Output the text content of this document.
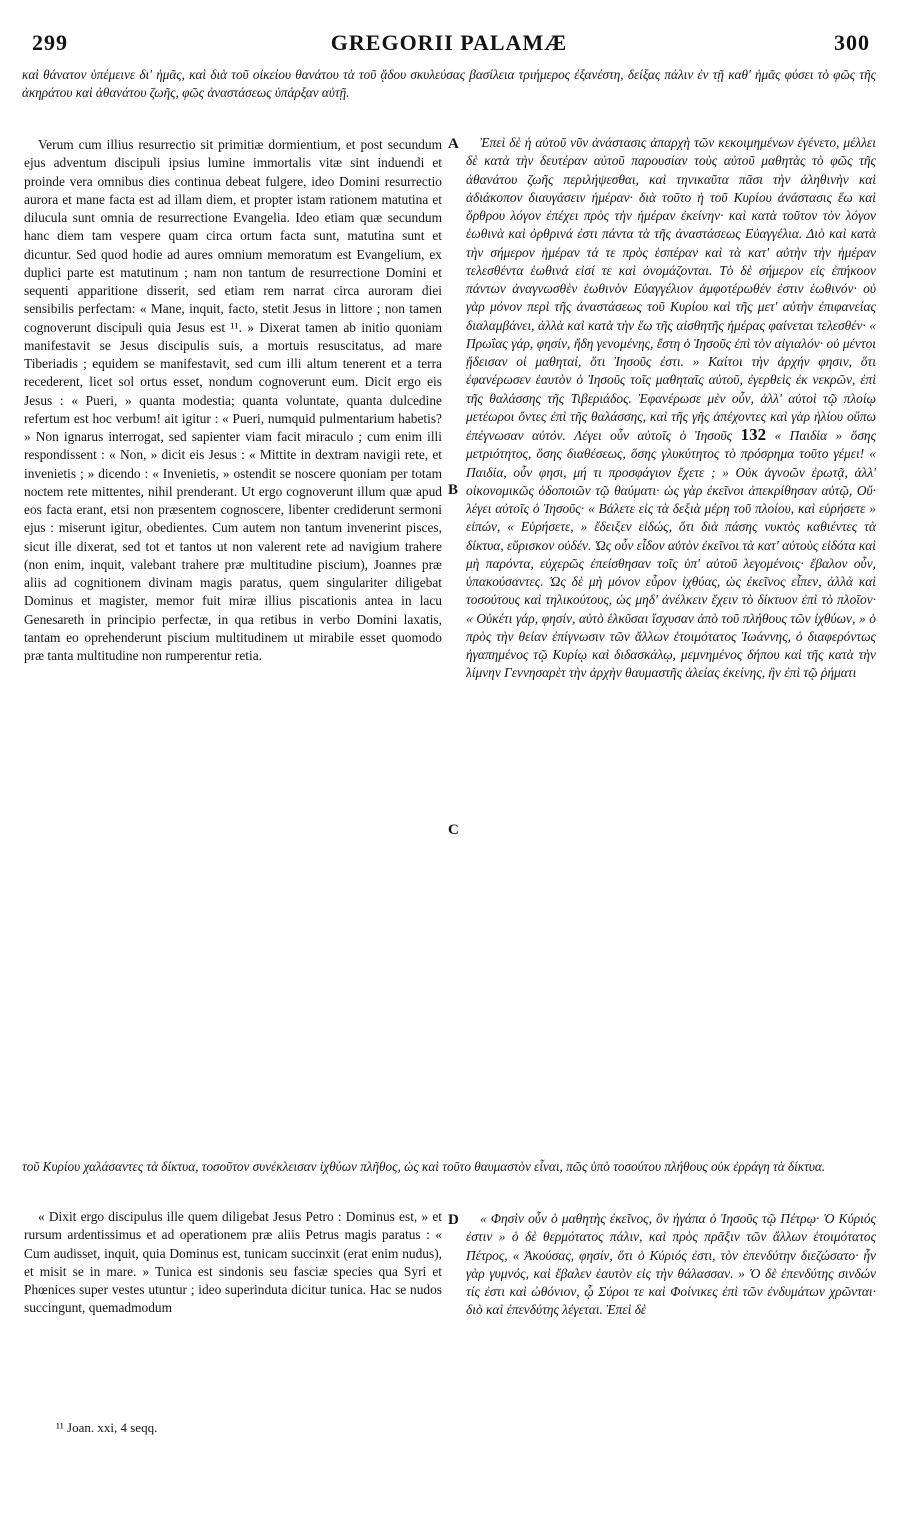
299	GREGORII PALAMÆ	300
καὶ θάνατον ὑπέμεινε δι' ἡμᾶς, καὶ διὰ τοῦ οἰκείου θανάτου τὰ τοῦ ᾅδου σκυλεύσας βασίλεια τριήμερος ἐξανέστη, δείξας πάλιν ἐν τῇ καθ' ἡμᾶς φύσει τὸ φῶς τῆς ἀκηράτου καὶ ἀθανάτου ζωῆς, φῶς ἀναστάσεως ὑπάρξαν αὐτῇ.
A
B
C
D

Verum cum illius resurrectio sit primitiæ dormientium, et post secundum ejus adventum discipuli ipsius lumine immortalis vitæ sint induendi et proinde vera omnibus dies continua debeat fulgere, ideo Domini resurrectio aurora et mane facta est ad illam diem, et propter istam rationem matutina et dilucula sunt omnia de resurrectione Evangelia. Ideo etiam quæ secundum hanc diem tam vespere quam circa ortum facta sunt, matutina sunt et dicuntur. Sed quod hodie ad aures omnium memoratum est Evangelium, ex duplici parte est matutinum ; nam non tantum de resurrectione Domini et sequenti apparitione disserit, sed etiam rem narrat circa auroram diei sensibilis perfectam: « Mane, inquit, facto, stetit Jesus in littore ; non tamen cognoverunt discipuli quia Jesus est ¹¹. » Dixerat tamen ab initio quoniam manifestavit se Jesus discipulis suis, a mortuis resuscitatus, ad mare Tiberiadis ; equidem se manifestavit, sed cum illi altum tenerent et a terra recederent, licet sol ortus esset, nondum cognoverunt eum. Dicit ergo eis Jesus : « Pueri, » quanta modestia; quanta voluntate, quanta dulcedine refertum est hoc verbum! ait igitur : « Pueri, numquid pulmentarium habetis? » Non ignarus interrogat, sed sapienter viam facit miraculo ; cum enim illi respondissent : « Non, » dicit eis Jesus : « Mittite in dextram navigii rete, et invenietis ; » dicendo : « Invenietis, » ostendit se noscere quoniam per totam noctem rete mittentes, nihil prenderant. Ut ergo cognoverunt illum quæ apud eos facta erant, etsi non præsentem cognoscere, libenter crediderunt sermoni ejus : miserunt igitur, obedientes. Cum autem non tantum invenerint pisces, sicut ille dixerat, sed tot et tantos ut non valerent rete ad navigium trahere (non enim, inquit, valebant trahere præ multitudine piscium), Joannes præ aliis ad cognitionem divinam magis paratus, quem singulariter diligebat Dominus et magister, memor fuit miræ illius piscationis antea in lacu Genesareth in principio perfectæ, in qua retibus in verbo Domini laxatis, tantam eo oprehenderunt piscium multitudinem ut mirabile esset quomodo præ tanta multitudine non rumperentur retia.

Ἐπεὶ δὲ ἡ αὐτοῦ νῦν ἀνάστασις ἀπαρχὴ τῶν κεκοιμημένων ἐγένετο, μέλλει δὲ κατὰ τὴν δευτέραν αὐτοῦ παρουσίαν τοὺς αὐτοῦ μαθητὰς τὸ φῶς τῆς ἀθανάτου ζωῆς περιλήψεσθαι, καὶ τηνικαῦτα πᾶσι τὴν ἀληθινὴν καὶ ἀδιάκοπον διαυγάσειν ἡμέραν· διὰ τοῦτο ἡ τοῦ Κυρίου ἀνάστασις ἕω καὶ ὄρθρου λόγον ἐπέχει πρὸς τὴν ἡμέραν ἐκείνην· καὶ κατὰ τοῦτον τὸν λόγον ἑωθινὰ καὶ ὀρθρινά ἐστι πάντα τὰ τῆς ἀναστάσεως Εὐαγγέλια. Διὸ καὶ κατὰ τὴν σήμερον ἡμέραν τά τε πρὸς ἑσπέραν καὶ τὰ κατ' αὐτὴν τὴν ἡμέραν τελεσθέντα ἑωθινά εἰσί τε καὶ ὀνομάζονται. Τὸ δὲ σήμερον εἰς ἐπήκοον πάντων ἀναγνωσθὲν ἑωθινὸν Εὐαγγέλιον ἀμφοτέρωθέν ἐστιν ἑωθινόν· οὐ γὰρ μόνον περὶ τῆς ἀναστάσεως τοῦ Κυρίου καὶ τῆς μετ' αὐτὴν ἐπιφανείας διαλαμβάνει, ἀλλὰ καὶ κατὰ τὴν ἕω τῆς αἰσθητῆς ἡμέρας φαίνεται τελεσθέν· « Πρωΐας γάρ, φησίν, ἤδη γενομένης, ἔστη ὁ Ἰησοῦς ἐπὶ τὸν αἰγιαλόν· οὐ μέντοι ᾔδεισαν οἱ μαθηταί, ὅτι Ἰησοῦς ἐστι. » Καίτοι τὴν ἀρχήν φησιν, ὅτι ἐφανέρωσεν ἑαυτὸν ὁ Ἰησοῦς τοῖς μαθηταῖς αὐτοῦ, ἐγερθεὶς ἐκ νεκρῶν, ἐπὶ τῆς θαλάσσης τῆς Τιβεριάδος. Ἐφανέρωσε μὲν οὖν, ἀλλ' αὐτοὶ τῷ πλοίῳ μετέωροι ὄντες ἐπὶ τῆς θαλάσσης, καὶ τῆς γῆς ἀπέχοντες καὶ γὰρ ἡλίου οὔπω ἐπέγνωσαν αὐτόν. Λέγει οὖν αὐτοῖς ὁ Ἰησοῦς 132 « Παιδία » ὅσης μετριότητος, ὅσης διαθέσεως, ὅσης γλυκύτητος τὸ πρόσρημα τοῦτο γέμει! « Παιδία, οὖν φησι, μή τι προσφάγιον ἔχετε ; » Οὐκ ἀγνοῶν ἐρωτᾷ, ἀλλ' οἰκονομικῶς ὁδοποιῶν τῷ θαύματι· ὡς γὰρ ἐκεῖνοι ἀπεκρίθησαν αὐτῷ, Οὔ· λέγει αὐτοῖς ὁ Ἰησοῦς· « Βάλετε εἰς τὰ δεξιὰ μέρη τοῦ πλοίου, καὶ εὑρήσετε » εἰπών, « Εὑρήσετε, » ἔδειξεν εἰδώς, ὅτι διὰ πάσης νυκτὸς καθιέντες τὰ δίκτυα, εὕρισκον οὐδέν. Ὡς οὖν εἶδον αὐτὸν ἐκεῖνοι τὰ κατ' αὐτοὺς εἰδότα καὶ μὴ παρόντα, εὐχερῶς ἐπείσθησαν τοῖς ὑπ' αὐτοῦ λεγομένοις· ἔβαλον οὖν, ὑπακούσαντες. Ὡς δὲ μὴ μόνον εὗρον ἰχθύας, ὡς ἐκεῖνος εἶπεν, ἀλλὰ καὶ τοσούτους καὶ τηλικούτους, ὡς μηδ' ἀνέλκειν ἔχειν τὸ δίκτυον ἐπὶ τὸ πλοῖον· « Οὐκέτι γάρ, φησίν, αὐτὸ ἑλκῦσαι ἴσχυσαν ἀπὸ τοῦ πλήθους τῶν ἰχθύων, » ὁ πρὸς τὴν θείαν ἐπίγνωσιν τῶν ἄλλων ἑτοιμότατος Ἰωάννης, ὁ διαφερόντως ἠγαπημένος τῷ Κυρίῳ καὶ διδασκάλῳ, μεμνημένος δήπου καὶ τῆς κατὰ τὴν λίμνην Γεννησαρὲτ τὴν ἀρχὴν θαυμαστῆς ἁλείας ἐκείνης, ἣν ἐπὶ τῷ ῥήματι

τοῦ Κυρίου χαλάσαντες τὰ δίκτυα, τοσοῦτον συνέκλεισαν ἰχθύων πλῆθος, ὡς καὶ τοῦτο θαυμαστὸν εἶναι, πῶς ὑπὸ τοσούτου πλήθους οὐκ ἐρράγη τὰ δίκτυα.

« Dixit ergo discipulus ille quem diligebat Jesus Petro : Dominus est, » et rursum ardentissimus et ad operationem præ aliis Petrus magis paratus : « Cum audisset, inquit, quia Dominus est, tunicam succinxit (erat enim nudus), et misit se in mare. » Tunica est sindonis seu fasciæ species qua Syri et Phœnices super vestes utuntur ; ideo superinduta dicitur tunica. Hac se nudos succingunt, quemadmodum

« Φησὶν οὖν ὁ μαθητὴς ἐκεῖνος, ὃν ἠγάπα ὁ Ἰησοῦς τῷ Πέτρῳ· Ὁ Κύριός ἐστιν » ὁ δὲ θερμότατος πάλιν, καὶ πρὸς πρᾶξιν τῶν ἄλλων ἑτοιμότατος Πέτρος, « Ἀκούσας, φησίν, ὅτι ὁ Κύριός ἐστι, τὸν ἐπενδύτην διεζώσατο· ἦν γὰρ γυμνός, καὶ ἔβαλεν ἑαυτὸν εἰς τὴν θάλασσαν. » Ὁ δὲ ἐπενδύτης σινδών τίς ἐστι καὶ ὠθόνιον, ᾧ Σύροι τε καὶ Φοίνικες ἐπὶ τῶν ἐνδυμάτων χρῶνται· διὸ καὶ ἐπενδύτης λέγεται. Ἐπεὶ δὲ

¹¹ Joan. xxi, 4 seqq.
